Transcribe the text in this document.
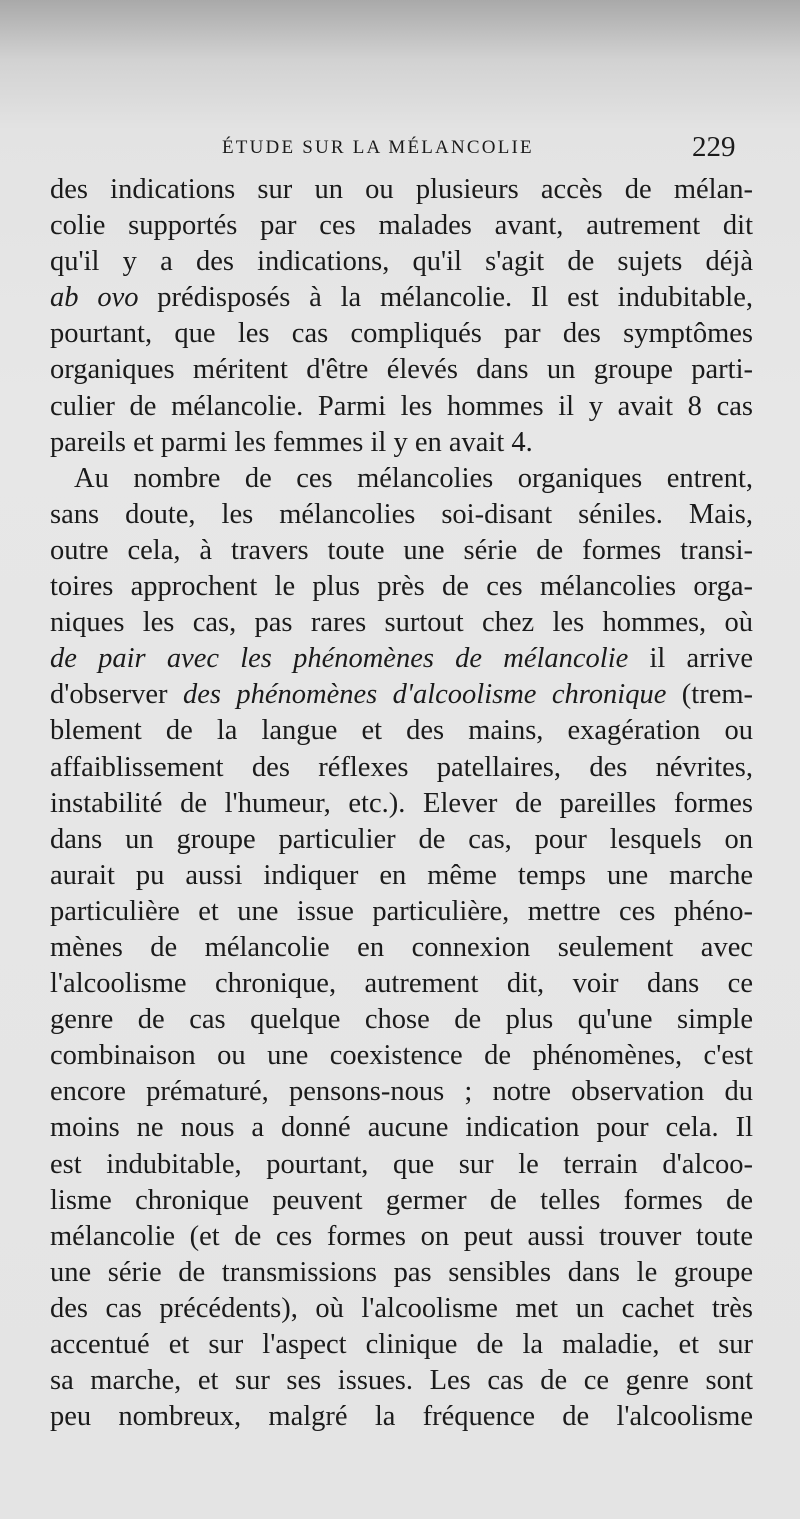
ÉTUDE SUR LA MÉLANCOLIE	229
des indications sur un ou plusieurs accès de mélan-
colie supportés par ces malades avant, autrement dit
qu'il y a des indications, qu'il s'agit de sujets déjà
ab ovo prédisposés à la mélancolie. Il est indubitable,
pourtant, que les cas compliqués par des symptômes
organiques méritent d'être élevés dans un groupe parti-
culier de mélancolie. Parmi les hommes il y avait 8 cas
pareils et parmi les femmes il y en avait 4.
Au nombre de ces mélancolies organiques entrent,
sans doute, les mélancolies soi-disant séniles. Mais,
outre cela, à travers toute une série de formes transi-
toires approchent le plus près de ces mélancolies orga-
niques les cas, pas rares surtout chez les hommes, où
de pair avec les phénomènes de mélancolie il arrive
d'observer des phénomènes d'alcoolisme chronique (trem-
blement de la langue et des mains, exagération ou
affaiblissement des réflexes patellaires, des névrites,
instabilité de l'humeur, etc.). Elever de pareilles formes
dans un groupe particulier de cas, pour lesquels on
aurait pu aussi indiquer en même temps une marche
particulière et une issue particulière, mettre ces phéno-
mènes de mélancolie en connexion seulement avec
l'alcoolisme chronique, autrement dit, voir dans ce
genre de cas quelque chose de plus qu'une simple
combinaison ou une coexistence de phénomènes, c'est
encore prématuré, pensons-nous ; notre observation du
moins ne nous a donné aucune indication pour cela. Il
est indubitable, pourtant, que sur le terrain d'alcoo-
lisme chronique peuvent germer de telles formes de
mélancolie (et de ces formes on peut aussi trouver toute
une série de transmissions pas sensibles dans le groupe
des cas précédents), où l'alcoolisme met un cachet très
accentué et sur l'aspect clinique de la maladie, et sur
sa marche, et sur ses issues. Les cas de ce genre sont
peu nombreux, malgré la fréquence de l'alcoolisme
